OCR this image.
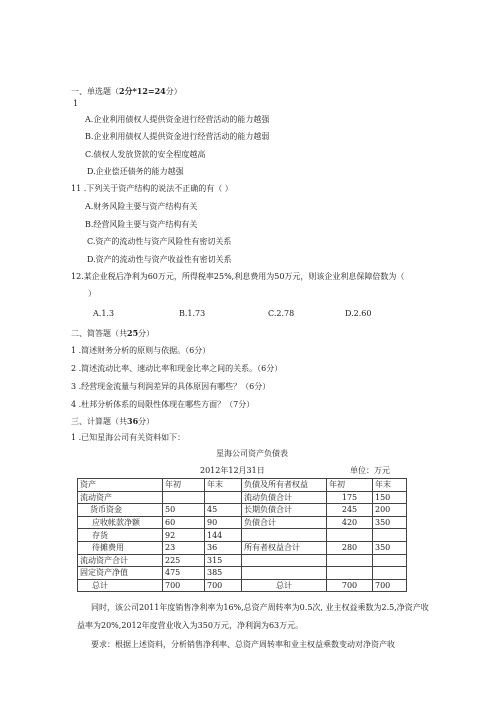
一、单选题（2分*12=24分）
1
A.企业利用债权人提供资金进行经营活动的能力越强
B.企业利用债权人提供资金进行经营活动的能力越弱
C.债权人发放贷款的安全程度越高
D.企业偿还债务的能力越强
11 .下列关于资产结构的说法不正确的有（ ）
A.财务风险主要与资产结构有关
B.经营风险主要与资产结构有关
C.资产的流动性与资产风险性有密切关系
D.资产的流动性与资产收益性有密切关系
12.某企业税后净利为60万元，所得税率25%,利息费用为50万元，则该企业利息保障倍数为（
）
A.1.3	B.1.73	C.2.78	D.2.60
二、简答题（共25分）
1 .简述财务分析的原则与依据。（6分）
2 .简述流动比率、速动比率和现金比率之间的关系。（6分）
3 .经营现金流量与利润差异的具体原因有哪些？（6分）
4 .杜邦分析体系的局限性体现在哪些方面？（7分）
三、计算题（共36分）
1 .已知星海公司有关资料如下：
星海公司资产负债表
2012年12月31日	单位：万元
资产	年初	年末	负债及所有者权益	年初	年末
流动资产			流动负债合计	175	150
货币资金	50	45	长期负债合计	245	200
应收帐款净额	60	90	负债合计	420	350
存货	92	144			
待摊费用	23	36	所有者权益合计	280	350
流动资产合计	225	315			
固定资产净值	475	385			
总计	700	700	总计	700	700
同时，该公司2011年度销售净利率为16%,总资产周转率为0.5次, 业主权益乘数为2.5,净资产收
益率为20%,2012年度营业收入为350万元，净利润为63万元。
要求：根据上述资料，分析销售净利率、总资产周转率和业主权益乘数变动对净资产收
